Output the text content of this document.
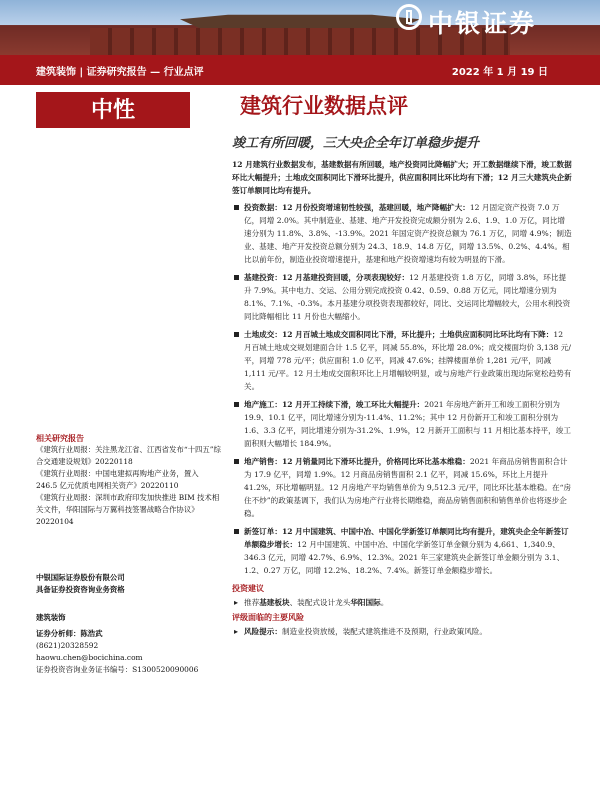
中银证券
建筑装饰 | 证券研究报告 — 行业点评	2022 年 1 月 19 日
中性	建筑行业数据点评
竣工有所回暖，三大央企全年订单稳步提升
相关研究报告
《建筑行业周报：关注黑龙江省、江西省发布“十四五”综合交通建设规划》20220118
《建筑行业周报：中国电建拟再购地产业务，置入 246.5 亿元优质电网相关资产》20220110
《建筑行业周报：深圳市政府印发加快推进 BIM 技术相关文件，华阳国际与万翼科技签署战略合作协议》20220104
中银国际证券股份有限公司
具备证券投资咨询业务资格
建筑装饰
证券分析师：陈浩武
(8621)20328592
haowu.chen@bocichina.com
证券投资咨询业务证书编号：S1300520090006

12 月建筑行业数据发布，基建数据有所回暖，地产投资同比降幅扩大；开工数据继续下滑，竣工数据环比大幅提升；土地成交面积同比下滑环比提升，供应面积同比环比均有下滑；12 月三大建筑央企新签订单额同比均有提升。

投资数据：12 月份投资增速韧性较强，基建回暖，地产降幅扩大：12 月固定资产投资 7.0 万亿，同增 2.0%。其中制造业、基建、地产开发投资完成额分别为 2.6、1.9、1.0 万亿，同比增速分别为 11.8%、3.8%、-13.9%。2021 年国定资产投资总额为 76.1 万亿，同增 4.9%；制造业、基建、地产开发投资总额分别为 24.3、18.9、14.8 万亿，同增 13.5%、0.2%、4.4%。相比以前年份，制造业投资增速提升，基建和地产投资增速均有较为明显的下滑。
基建投资：12 月基建投资回暖，分项表现较好：12 月基建投资 1.8 万亿，同增 3.8%，环比提升 7.9%。其中电力、交运、公用分别完成投资 0.42、0.59、0.88 万亿元，同比增速分别为 8.1%、7.1%、-0.3%。本月基建分项投资表现都较好，同比、交运同比增幅较大，公用水利投资同比降幅相比 11 月份也大幅缩小。
土地成交：12 月百城土地成交面积同比下滑，环比提升；土地供应面积同比环比均有下降：12 月百城土地成交规划建面合计 1.5 亿平，同减 55.8%，环比增 28.0%；成交楼面均价 3,138 元/平，同增 778 元/平；供应面积 1.0 亿平，同减 47.6%；挂牌楼面单价 1,281 元/平，同减 1,111 元/平。12 月土地成交面积环比上月增幅较明显，或与房地产行业政策出现边际宽松趋势有关。
地产施工：12 月开工持续下滑，竣工环比大幅提升：2021 年房地产新开工和竣工面积分别为 19.9、10.1 亿平，同比增速分别为-11.4%、11.2%；其中 12 月份新开工和竣工面积分别为 1.6、3.3 亿平，同比增速分别为-31.2%、1.9%，12 月新开工面积与 11 月相比基本持平，竣工面积则大幅增长 184.9%。
地产销售：12 月销量同比下滑环比提升，价格同比环比基本维稳：2021 年商品房销售面积合计为 17.9 亿平，同增 1.9%。12 月商品房销售面积 2.1 亿平，同减 15.6%，环比上月提升 41.2%，环比增幅明显。12 月房地产平均销售单价为 9,512.3 元/平，同比环比基本维稳。在“房住不炒”的政策基调下，我们认为房地产行业将长期维稳，商品房销售面积和销售单价也将逐步企稳。
新签订单：12 月中国建筑、中国中冶、中国化学新签订单额同比均有提升，建筑央企全年新签订单额稳步增长：12 月中国建筑、中国中冶、中国化学新签订单金额分别为 4,661、1,340.9、346.3 亿元，同增 42.7%、6.9%、12.3%。2021 年三家建筑央企新签订单金额分别为 3.1、1.2、0.27 万亿，同增 12.2%、18.2%、7.4%。新签订单金额稳步增长。
投资建议
▸ 推荐基建板块、装配式设计龙头华阳国际。
评级面临的主要风险
▸ 风险提示：制造业投资放缓，装配式建筑推进不及预期，行业政策风险。
